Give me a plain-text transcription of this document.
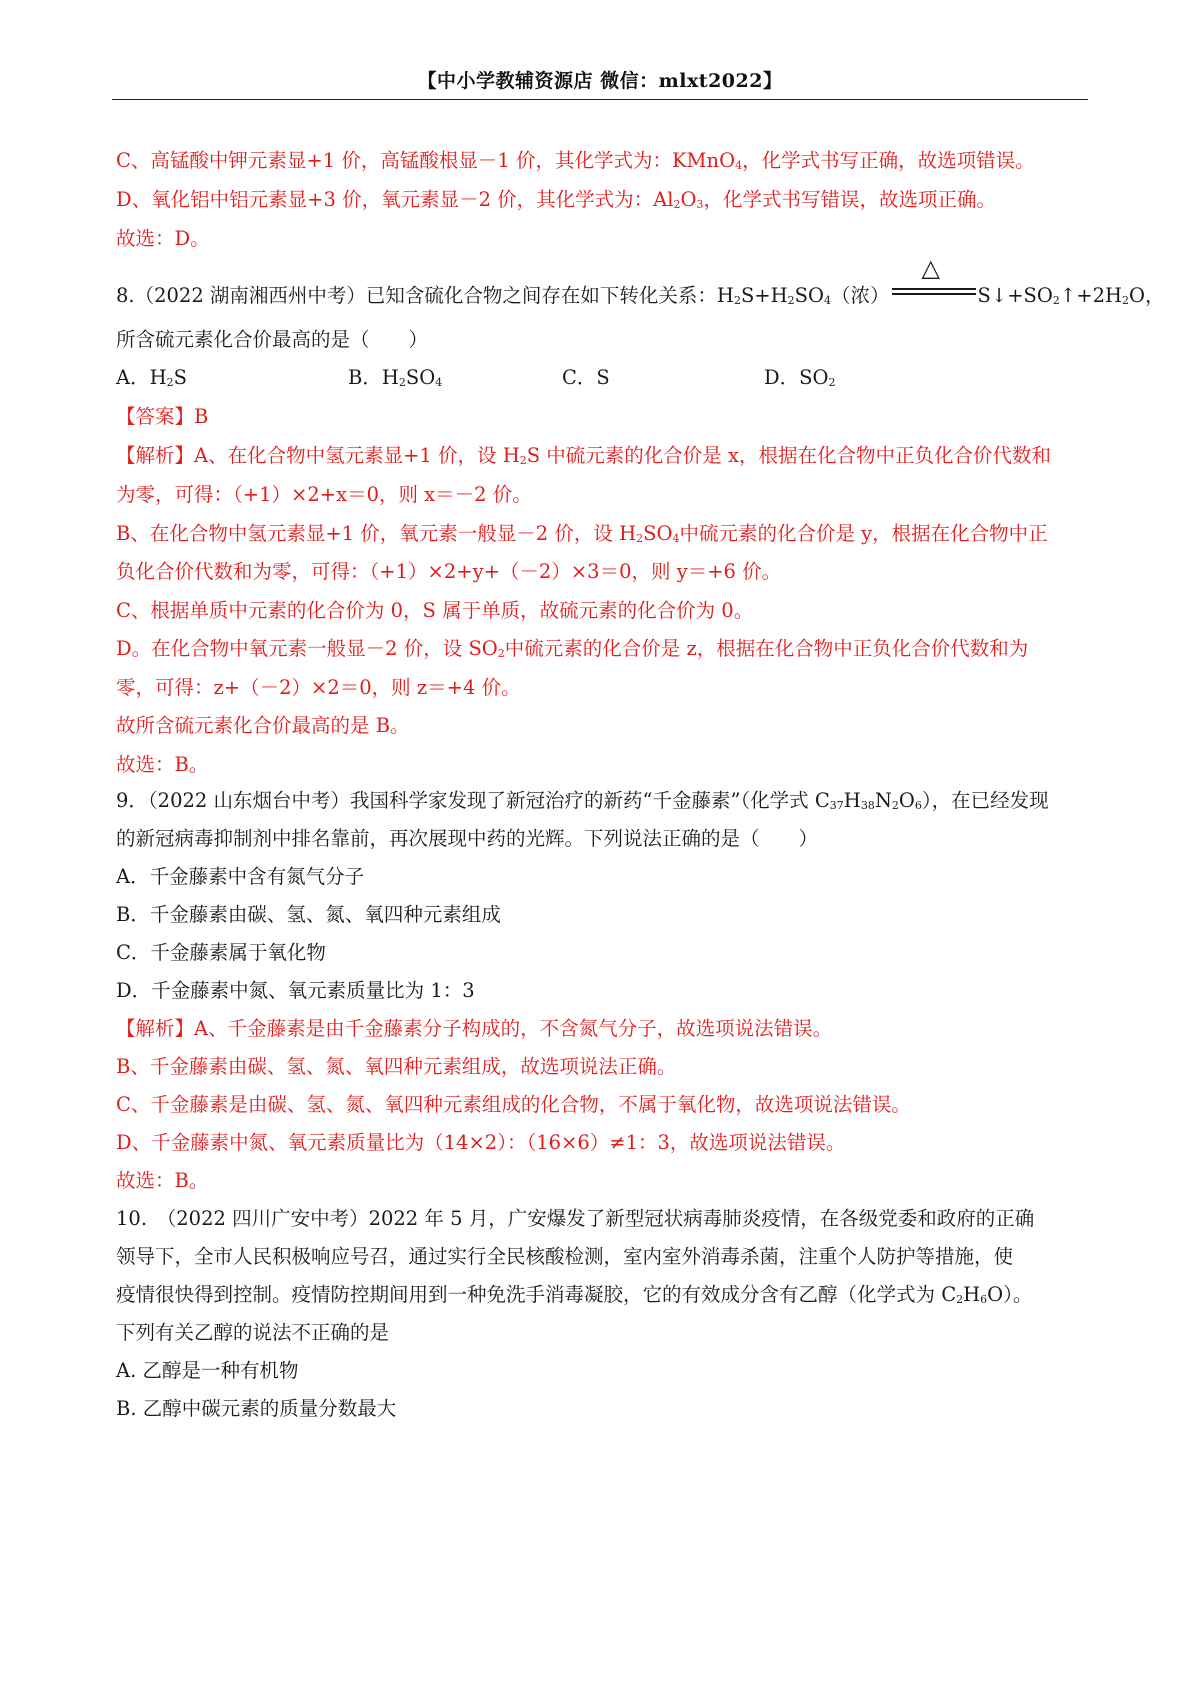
【中小学教辅资源店 微信：mlxt2022】
C、高锰酸中钾元素显+1 价，高锰酸根显－1 价，其化学式为：KMnO$_4$，化学式书写正确，故选项错误。
D、氧化铝中铝元素显+3 价，氧元素显－2 价，其化学式为：$Al_2O_3$，化学式书写错误，故选项正确。
故选：D。
8.（2022 湖南湘西州中考）已知含硫化合物之间存在如下转化关系：$H_2S+H_2SO_4$（浓）
△
$S↓+SO_2↑+2H_2O$，
所含硫元素化合价最高的是（　　）
A．$H_2S$	B．$H_2SO_4$	C．S	D．$SO_2$
【答案】B
【解析】A、在化合物中氢元素显+1 价，设 $H_2S$ 中硫元素的化合价是 x，根据在化合物中正负化合价代数和
为零，可得：（+1）×2+x＝0，则 x＝－2 价。
B、在化合物中氢元素显+1 价，氧元素一般显－2 价，设 $H_2SO_4$中硫元素的化合价是 y，根据在化合物中正
负化合价代数和为零，可得：（+1）×2+y+（－2）×3＝0，则 y＝+6 价。
C、根据单质中元素的化合价为 0，S 属于单质，故硫元素的化合价为 0。
D。在化合物中氧元素一般显－2 价，设 $SO_2$中硫元素的化合价是 z，根据在化合物中正负化合价代数和为
零，可得：z+（－2）×2＝0，则 z＝+4 价。
故所含硫元素化合价最高的是 B。
故选：B。
9．（2022 山东烟台中考）我国科学家发现了新冠治疗的新药“千金藤素”（化学式 $C_{37}H_{38}N_2O_6$），在已经发现
的新冠病毒抑制剂中排名靠前，再次展现中药的光辉。下列说法正确的是（　　）
A．千金藤素中含有氮气分子
B．千金藤素由碳、氢、氮、氧四种元素组成
C．千金藤素属于氧化物
D．千金藤素中氮、氧元素质量比为 1：3
【解析】A、千金藤素是由千金藤素分子构成的，不含氮气分子，故选项说法错误。
B、千金藤素由碳、氢、氮、氧四种元素组成，故选项说法正确。
C、千金藤素是由碳、氢、氮、氧四种元素组成的化合物，不属于氧化物，故选项说法错误。
D、千金藤素中氮、氧元素质量比为（14×2）：（16×6）≠1：3，故选项说法错误。
故选：B。
10.　（2022 四川广安中考）2022 年 5 月，广安爆发了新型冠状病毒肺炎疫情，在各级党委和政府的正确
领导下，全市人民积极响应号召，通过实行全民核酸检测，室内室外消毒杀菌，注重个人防护等措施，使
疫情很快得到控制。疫情防控期间用到一种免洗手消毒凝胶，它的有效成分含有乙醇（化学式为 $C_2H_6O$）。
下列有关乙醇的说法不正确的是
A. 乙醇是一种有机物
B. 乙醇中碳元素的质量分数最大
